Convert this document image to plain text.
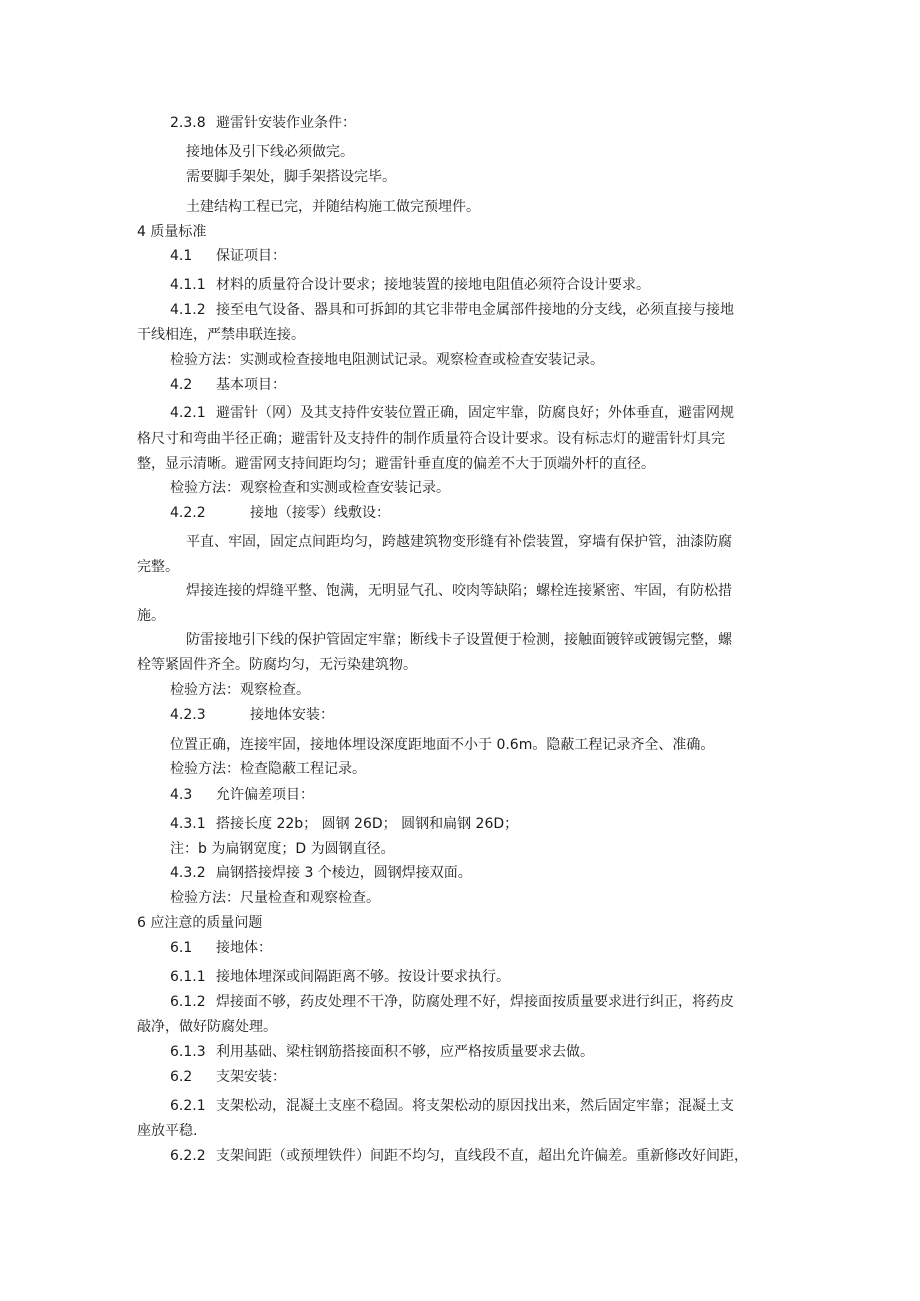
2.3.8 避雷针安装作业条件：
接地体及引下线必须做完。
需要脚手架处，脚手架搭设完毕。
土建结构工程已完，并随结构施工做完预埋件。
4 质量标准
4.1 保证项目：
4.1.1 材料的质量符合设计要求；接地装置的接地电阻值必须符合设计要求。
4.1.2 接至电气设备、器具和可拆卸的其它非带电金属部件接地的分支线，必须直接与接地
干线相连，严禁串联连接。
检验方法：实测或检查接地电阻测试记录。观察检查或检查安装记录。
4.2 基本项目：
4.2.1 避雷针（网）及其支持件安装位置正确，固定牢靠，防腐良好；外体垂直，避雷网规
格尺寸和弯曲半径正确；避雷针及支持件的制作质量符合设计要求。设有标志灯的避雷针灯具完
整，显示清晰。避雷网支持间距均匀；避雷针垂直度的偏差不大于顶端外杆的直径。
检验方法：观察检查和实测或检查安装记录。
4.2.2	接地（接零）线敷设：
平直、牢固，固定点间距均匀，跨越建筑物变形缝有补偿装置，穿墙有保护管，油漆防腐
完整。
焊接连接的焊缝平整、饱满，无明显气孔、咬肉等缺陷；螺栓连接紧密、牢固，有防松措
施。
防雷接地引下线的保护管固定牢靠；断线卡子设置便于检测，接触面镀锌或镀锡完整，螺
栓等紧固件齐全。防腐均匀，无污染建筑物。
检验方法：观察检查。
4.2.3	接地体安装：
位置正确，连接牢固，接地体埋设深度距地面不小于 0.6m。隐蔽工程记录齐全、准确。
检验方法：检查隐蔽工程记录。
4.3 允许偏差项目：
4.3.1 搭接长度 22b； 圆钢 26D； 圆钢和扁钢 26D；
注：b 为扁钢宽度；D 为圆钢直径。
4.3.2 扁钢搭接焊接 3 个棱边，圆钢焊接双面。
检验方法：尺量检查和观察检查。
6 应注意的质量问题
6.1 接地体：
6.1.1 接地体埋深或间隔距离不够。按设计要求执行。
6.1.2 焊接面不够，药皮处理不干净，防腐处理不好，焊接面按质量要求进行纠正，将药皮
敲净，做好防腐处理。
6.1.3 利用基础、梁柱钢筋搭接面积不够，应严格按质量要求去做。
6.2 支架安装：
6.2.1 支架松动，混凝土支座不稳固。将支架松动的原因找出来，然后固定牢靠；混凝土支
座放平稳.
6.2.2 支架间距（或预埋铁件）间距不均匀，直线段不直，超出允许偏差。重新修改好间距，
